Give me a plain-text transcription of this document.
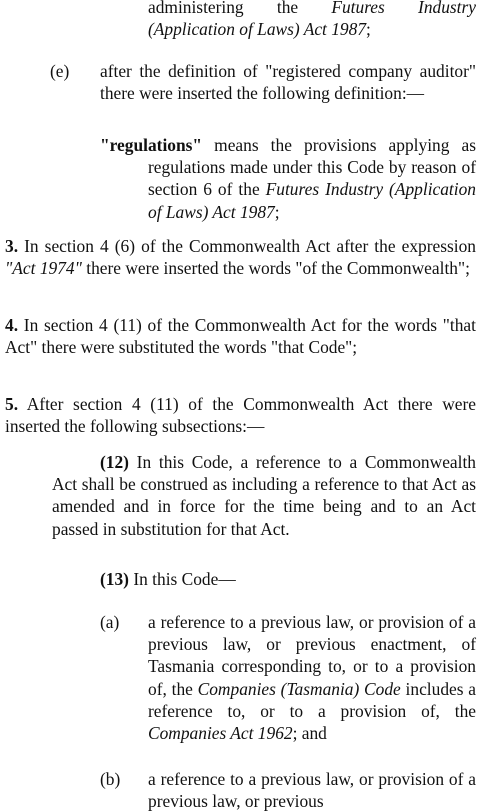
administering the Futures Industry (Application of Laws) Act 1987;
(e) after the definition of "registered company auditor" there were inserted the following definition:—
"regulations" means the provisions applying as regulations made under this Code by reason of section 6 of the Futures Industry (Application of Laws) Act 1987;
3. In section 4 (6) of the Commonwealth Act after the expression "Act 1974" there were inserted the words "of the Commonwealth";
4. In section 4 (11) of the Commonwealth Act for the words "that Act" there were substituted the words "that Code";
5. After section 4 (11) of the Commonwealth Act there were inserted the following subsections:—
(12) In this Code, a reference to a Commonwealth Act shall be construed as including a reference to that Act as amended and in force for the time being and to an Act passed in substitution for that Act.
(13) In this Code—
(a) a reference to a previous law, or provision of a previous law, or previous enactment, of Tasmania corresponding to, or to a provision of, the Companies (Tasmania) Code includes a reference to, or to a provision of, the Companies Act 1962; and
(b) a reference to a previous law, or provision of a previous law, or previous
